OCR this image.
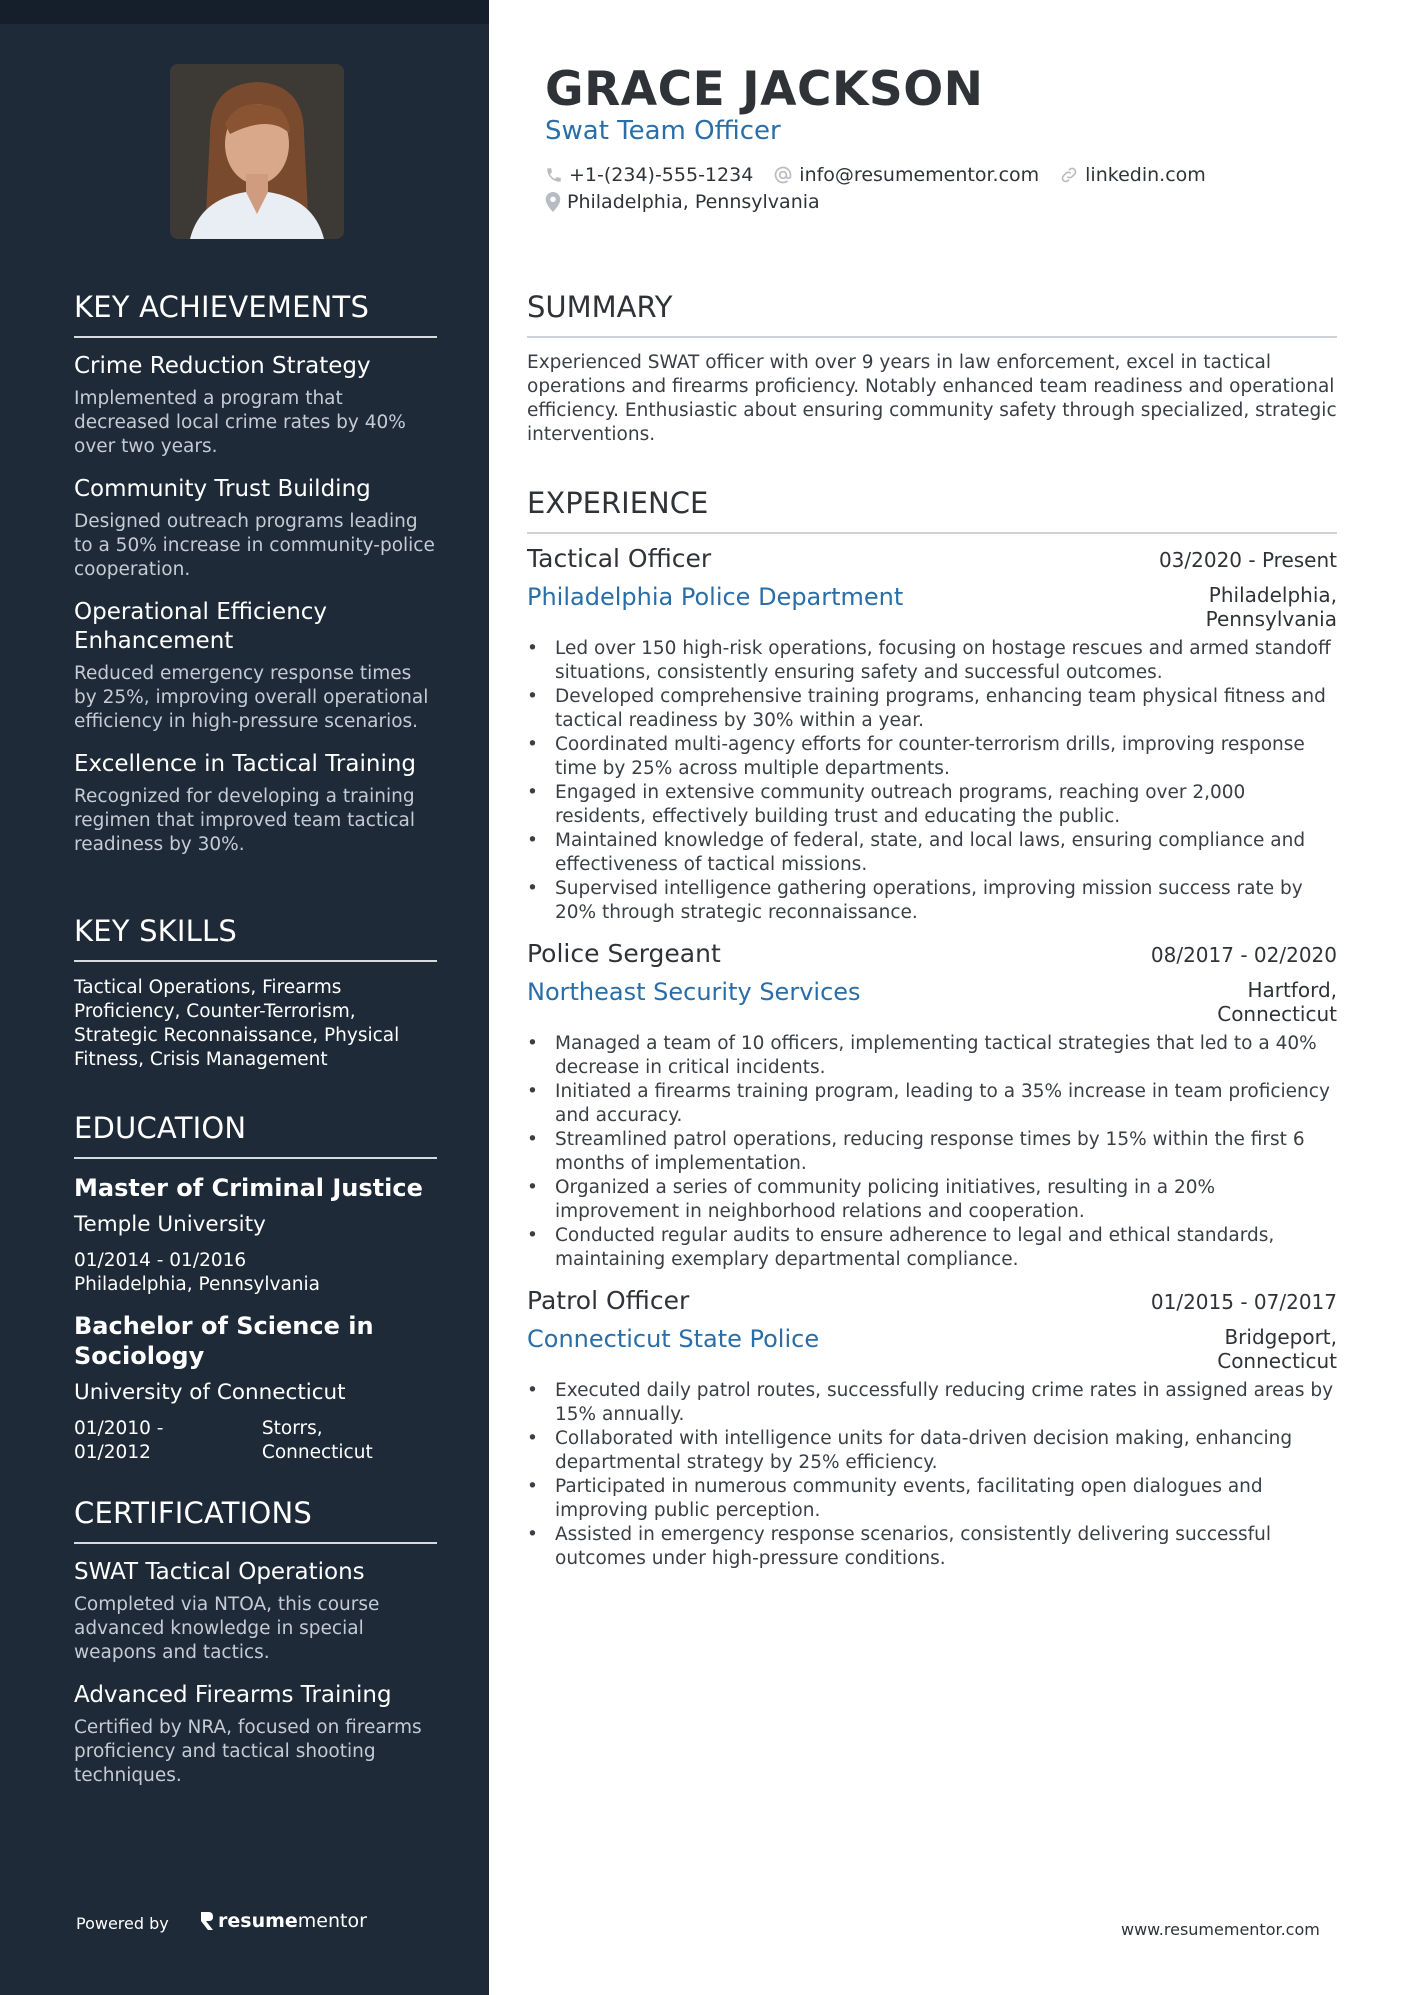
KEY ACHIEVEMENTS
Crime Reduction Strategy
Implemented a program that decreased local crime rates by 40% over two years.
Community Trust Building
Designed outreach programs leading to a 50% increase in community-police cooperation.
Operational Efficiency Enhancement
Reduced emergency response times by 25%, improving overall operational efficiency in high-pressure scenarios.
Excellence in Tactical Training
Recognized for developing a training regimen that improved team tactical readiness by 30%.
KEY SKILLS
Tactical Operations, Firearms Proficiency, Counter-Terrorism, Strategic Reconnaissance, Physical Fitness, Crisis Management
EDUCATION
Master of Criminal Justice
Temple University
01/2014 - 01/2016
Philadelphia, Pennsylvania
Bachelor of Science in Sociology
University of Connecticut
01/2010 - 01/2012
Storrs, Connecticut
CERTIFICATIONS
SWAT Tactical Operations
Completed via NTOA, this course advanced knowledge in special weapons and tactics.
Advanced Firearms Training
Certified by NRA, focused on firearms proficiency and tactical shooting techniques.
Powered by	resume mentor
GRACE JACKSON
Swat Team Officer
+1-(234)-555-1234 info@resumementor.com linkedin.com
Philadelphia, Pennsylvania
SUMMARY
Experienced SWAT officer with over 9 years in law enforcement, excel in tactical operations and firearms proficiency. Notably enhanced team readiness and operational efficiency. Enthusiastic about ensuring community safety through specialized, strategic interventions.
EXPERIENCE
Tactical Officer	03/2020 - Present
Philadelphia Police Department	Philadelphia,
Pennsylvania
• Led over 150 high-risk operations, focusing on hostage rescues and armed standoff situations, consistently ensuring safety and successful outcomes.
• Developed comprehensive training programs, enhancing team physical fitness and tactical readiness by 30% within a year.
• Coordinated multi-agency efforts for counter-terrorism drills, improving response time by 25% across multiple departments.
• Engaged in extensive community outreach programs, reaching over 2,000 residents, effectively building trust and educating the public.
• Maintained knowledge of federal, state, and local laws, ensuring compliance and effectiveness of tactical missions.
• Supervised intelligence gathering operations, improving mission success rate by 20% through strategic reconnaissance.
Police Sergeant	08/2017 - 02/2020
Northeast Security Services	Hartford,
Connecticut
• Managed a team of 10 officers, implementing tactical strategies that led to a 40% decrease in critical incidents.
• Initiated a firearms training program, leading to a 35% increase in team proficiency and accuracy.
• Streamlined patrol operations, reducing response times by 15% within the first 6 months of implementation.
• Organized a series of community policing initiatives, resulting in a 20% improvement in neighborhood relations and cooperation.
• Conducted regular audits to ensure adherence to legal and ethical standards, maintaining exemplary departmental compliance.
Patrol Officer	01/2015 - 07/2017
Connecticut State Police	Bridgeport,
Connecticut
• Executed daily patrol routes, successfully reducing crime rates in assigned areas by 15% annually.
• Collaborated with intelligence units for data-driven decision making, enhancing departmental strategy by 25% efficiency.
• Participated in numerous community events, facilitating open dialogues and improving public perception.
• Assisted in emergency response scenarios, consistently delivering successful outcomes under high-pressure conditions.
www.resumementor.com
